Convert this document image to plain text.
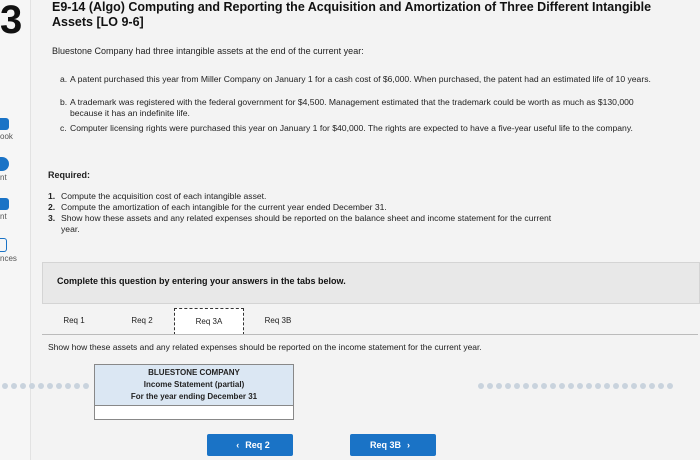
3
ook
nt
nt
nces
E9-14 (Algo) Computing and Reporting the Acquisition and Amortization of Three Different Intangible Assets [LO 9-6]
Bluestone Company had three intangible assets at the end of the current year:
a. A patent purchased this year from Miller Company on January 1 for a cash cost of $6,000. When purchased, the patent had an estimated life of 10 years.
b. A trademark was registered with the federal government for $4,500. Management estimated that the trademark could be worth as much as $130,000 because it has an indefinite life.
c. Computer licensing rights were purchased this year on January 1 for $40,000. The rights are expected to have a five-year useful life to the company.
Required:
1. Compute the acquisition cost of each intangible asset.
2. Compute the amortization of each intangible for the current year ended December 31.
3. Show how these assets and any related expenses should be reported on the balance sheet and income statement for the current
year.
Complete this question by entering your answers in the tabs below.
Req 1	Req 2	Req 3A	Req 3B
Show how these assets and any related expenses should be reported on the income statement for the current year.
BLUESTONE COMPANY
Income Statement (partial)
For the year ending December 31
‹ Req 2	Req 3B ›
